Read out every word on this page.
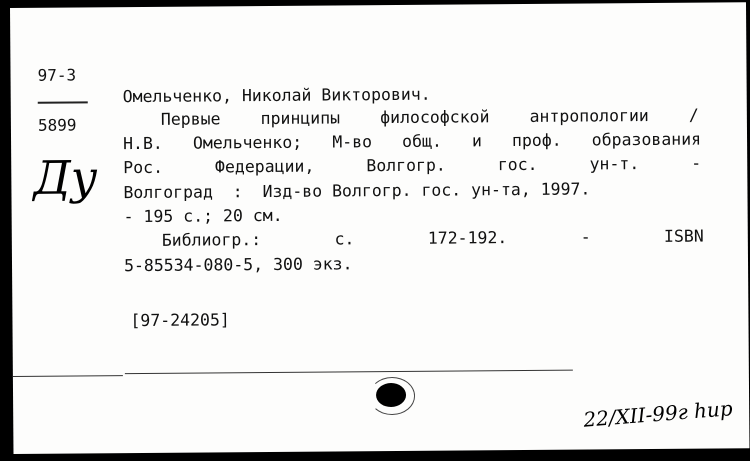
97-3
5899
Ду
Омельченко, Николай Викторович.
Первые принципы философской антропологии /
Н.В. Омельченко; М-во общ. и проф. образования
Рос.	Федерации,	Волгогр.	гос.	ун-т.	-
Волгоград  :  Изд-во Волгогр. гос. ун-та, 1997.
- 195 с.; 20 см.
Библиогр.:	с.	172-192.	-	ISBN
5-85534-080-5, 300 экз.
[97-24205]
22/XII-99г hup
